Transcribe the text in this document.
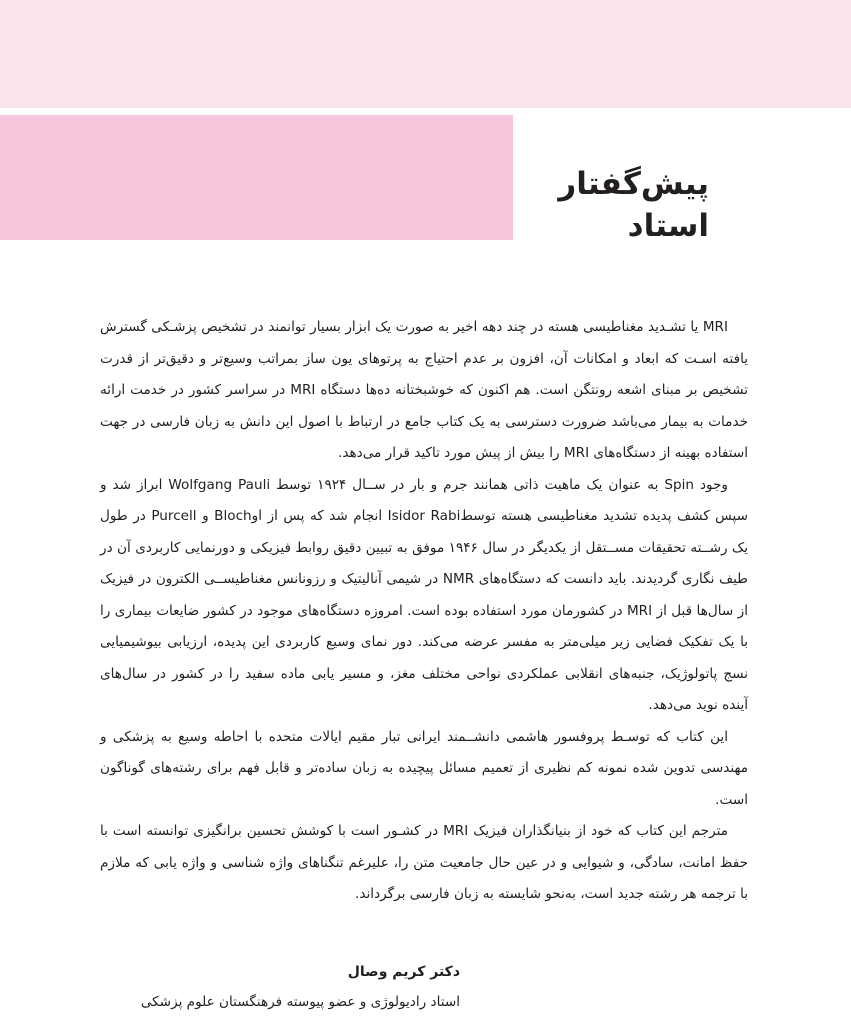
پیش‌گفتار
استاد

MRI یا تشـدید مغناطیسی هسته در چند دهه اخیر به صورت یک ابزار بسیار توانمند در تشخیص پزشـکی گسترش یافته اسـت که ابعاد و امکانات آن، افزون بر عدم احتیاج به پرتوهای یون ساز بمراتب وسیع‌تر و دقیق‌تر از قدرت تشخیص بر مبنای اشعه رونتگن است. هم اکنون که خوشبختانه ده‌ها دستگاه MRI در سراسر کشور در خدمت ارائه خدمات به بیمار می‌باشد ضرورت دسترسی به یک کتاب جامع در ارتباط با اصول این دانش به زبان فارسی در جهت استفاده بهینه از دستگاه‌های MRI را بیش از پیش مورد تاکید قرار می‌دهد.

وجود Spin به عنوان یک ماهیت ذاتی همانند جرم و بار در ســال ۱۹۲۴ توسط Wolfgang Pauli ابراز شد و سپس کشف پدیده تشدید مغناطیسی هسته توسطIsidor Rabi انجام شد که پس از اوBloch و Purcell در طول یک رشــته تحقیقات مســتقل از یکدیگر در سال ۱۹۴۶ موفق به تبیین دقیق روابط فیزیکی و دورنمایی کاربردی آن در طیف نگاری گردیدند. باید دانست که دستگاه‌های NMR در شیمی آنالیتیک و رزونانس مغناطیســی الکترون در فیزیک از سال‌ها قبل از MRI در کشورمان مورد استفاده بوده است. امروزه دستگاه‌های موجود در کشور ضایعات بیماری را با یک تفکیک فضایی زیر میلی‌متر به مفسر عرضه می‌کند. دور نمای وسیع کاربردی این پدیده، ارزیابی بیوشیمیایی نسج پاتولوژیک، جنبه‌های انقلابی عملکردی نواحی مختلف مغز، و مسیر یابی ماده سفید را در کشور در سال‌های آینده نوید می‌دهد.

این کتاب که توسـط پروفسور هاشمی دانشــمند ایرانی تبار مقیم ایالات متحده با احاطه وسیع به پزشکی و مهندسی تدوین شده نمونه کم نظیری از تعمیم مسائل پیچیده به زبان ساده‌تر و قابل فهم برای رشته‌های گوناگون است.

مترجم این کتاب که خود از بنیانگذاران فیزیک MRI در کشـور است با کوشش تحسین برانگیزی توانسته است با حفظ امانت، سادگی، و شیوایی و در عین حال جامعیت متن را، علیرغم تنگناهای واژه شناسی و واژه یابی که ملازم با ترجمه هر رشته جدید است، به‌نحو شایسته به زبان فارسی برگرداند.

دکتر کریم وصال
استاد رادیولوژی و عضو پیوسته فرهنگستان علوم پزشکی
